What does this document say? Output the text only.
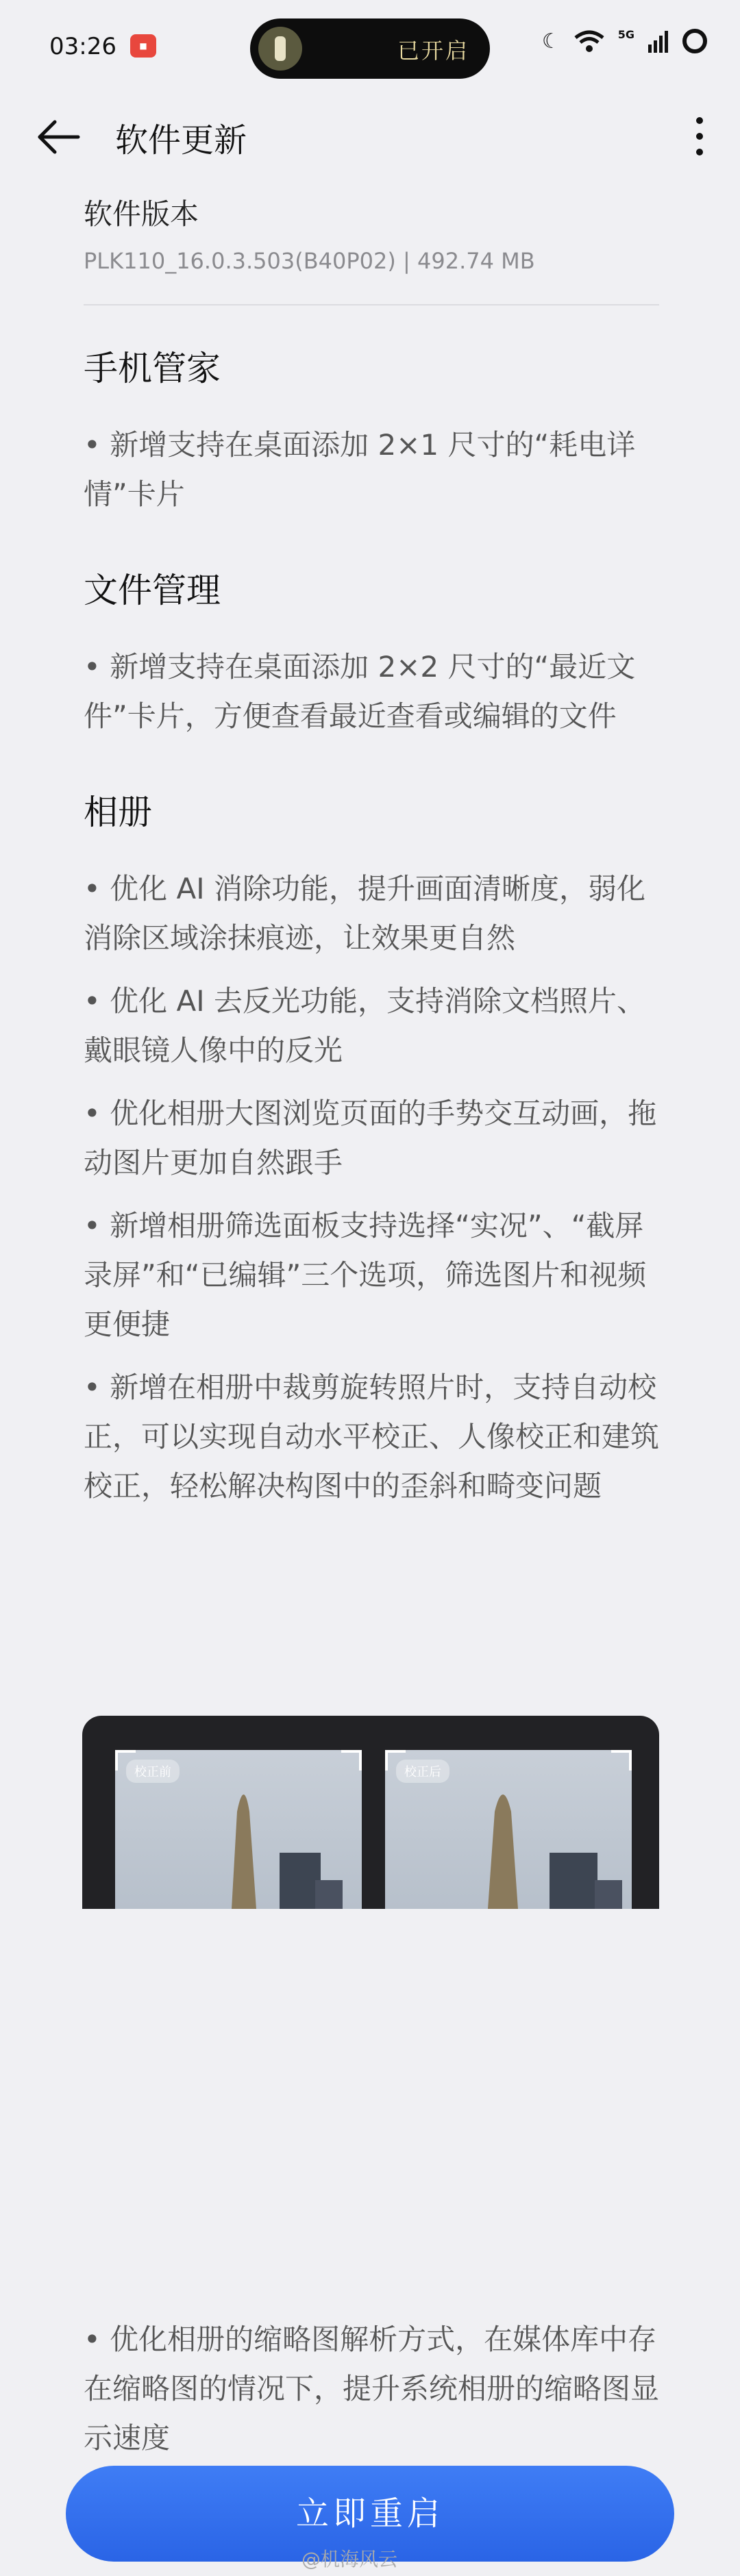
03:26	■	已开启	☾	5G
软件更新

软件版本

PLK110_16.0.3.503(B40P02) | 492.74 MB

手机管家

• 新增支持在桌面添加 2×1 尺寸的“耗电详情”卡片

文件管理

• 新增支持在桌面添加 2×2 尺寸的“最近文件”卡片，方便查看最近查看或编辑的文件

相册

• 优化 AI 消除功能，提升画面清晰度，弱化消除区域涂抹痕迹，让效果更自然

• 优化 AI 去反光功能，支持消除文档照片、戴眼镜人像中的反光

• 优化相册大图浏览页面的手势交互动画，拖动图片更加自然跟手

• 新增相册筛选面板支持选择“实况”、“截屏录屏”和“已编辑”三个选项，筛选图片和视频更便捷

• 新增在相册中裁剪旋转照片时，支持自动校正，可以实现自动水平校正、人像校正和建筑校正，轻松解决构图中的歪斜和畸变问题

校正前	校正后

• 优化相册的缩略图解析方式，在媒体库中存在缩略图的情况下，提升系统相册的缩略图显示速度

立即重启
@机海风云
